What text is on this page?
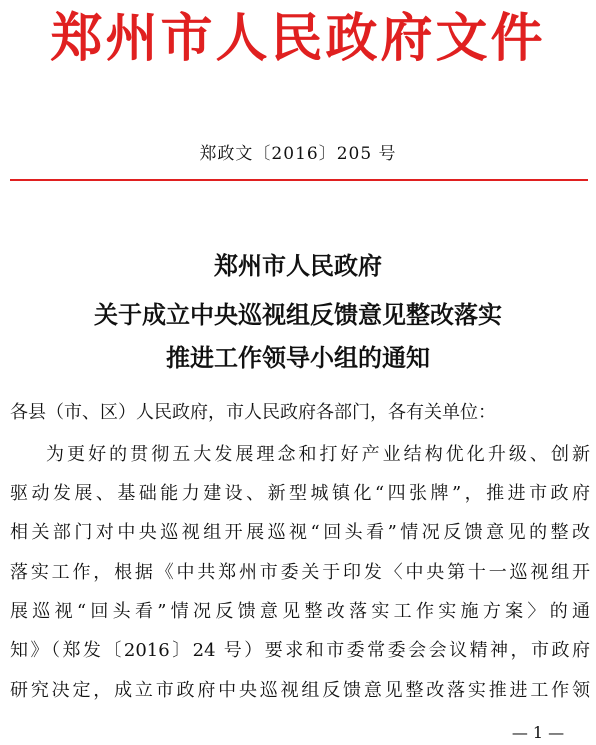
郑州市人民政府文件
郑政文〔2016〕205 号
郑州市人民政府
关于成立中央巡视组反馈意见整改落实
推进工作领导小组的通知
各县（市、区）人民政府，市人民政府各部门，各有关单位：
为更好的贯彻五大发展理念和打好产业结构优化升级、创新
驱动发展、基础能力建设、新型城镇化“四张牌”，推进市政府
相关部门对中央巡视组开展巡视“回头看”情况反馈意见的整改
落实工作，根据《中共郑州市委关于印发〈中央第十一巡视组开
展巡视“回头看”情况反馈意见整改落实工作实施方案〉的通
知》（郑发〔2016〕24 号）要求和市委常委会会议精神，市政府
研究决定，成立市政府中央巡视组反馈意见整改落实推进工作领
— 1 —
